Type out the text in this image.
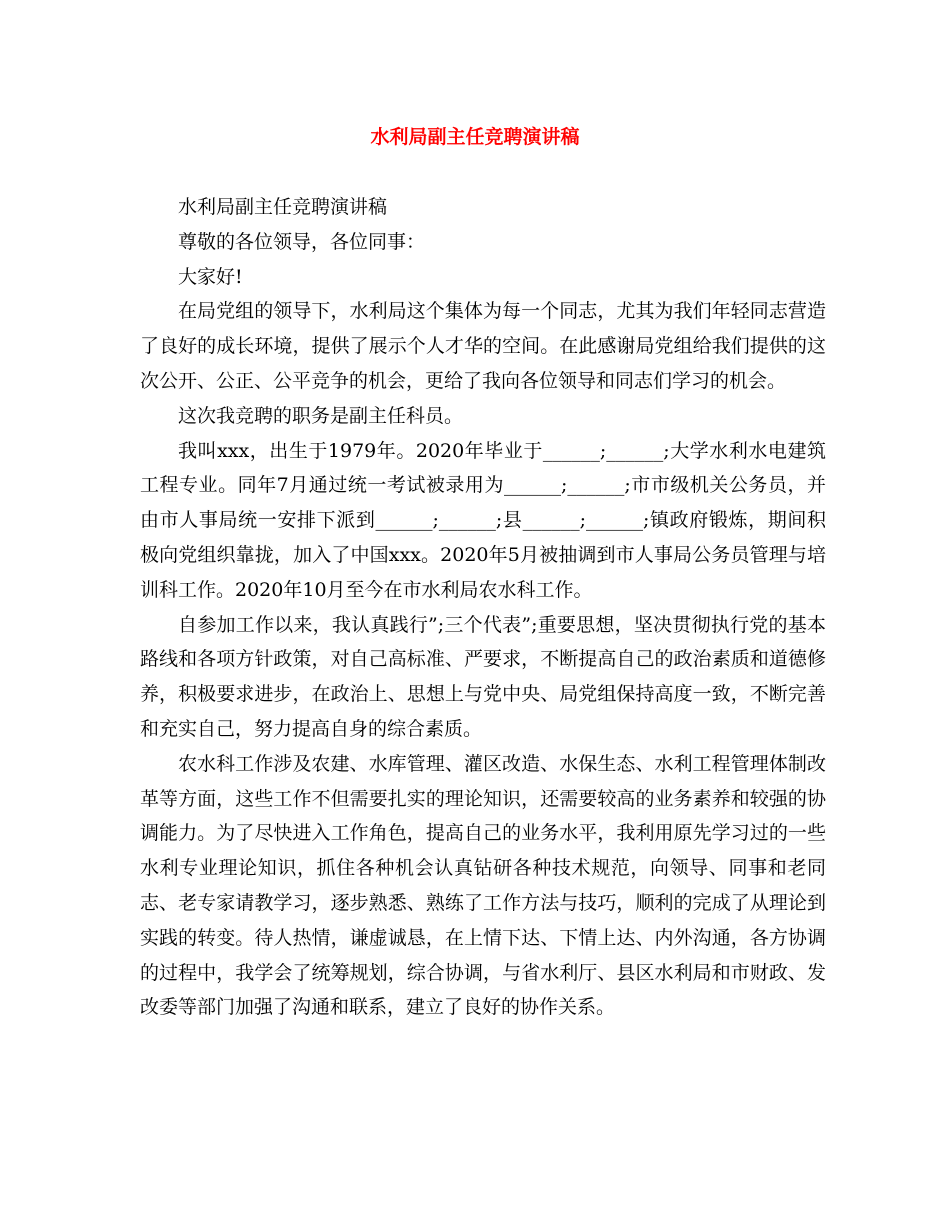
水利局副主任竞聘演讲稿

水利局副主任竞聘演讲稿

尊敬的各位领导，各位同事：

大家好!

在局党组的领导下，水利局这个集体为每一个同志，尤其为我们年轻同志营造了良好的成长环境，提供了展示个人才华的空间。在此感谢局党组给我们提供的这次公开、公正、公平竞争的机会，更给了我向各位领导和同志们学习的机会。

这次我竞聘的职务是副主任科员。

我叫xxx，出生于1979年。2020年毕业于______;______;大学水利水电建筑工程专业。同年7月通过统一考试被录用为______;______;市市级机关公务员，并由市人事局统一安排下派到______;______;县______;______;镇政府锻炼，期间积极向党组织靠拢，加入了中国xxx。2020年5月被抽调到市人事局公务员管理与培训科工作。2020年10月至今在市水利局农水科工作。

自参加工作以来，我认真践行”;三个代表”;重要思想，坚决贯彻执行党的基本路线和各项方针政策，对自己高标准、严要求，不断提高自己的政治素质和道德修养，积极要求进步，在政治上、思想上与党中央、局党组保持高度一致，不断完善和充实自己，努力提高自身的综合素质。

农水科工作涉及农建、水库管理、灌区改造、水保生态、水利工程管理体制改革等方面，这些工作不但需要扎实的理论知识，还需要较高的业务素养和较强的协调能力。为了尽快进入工作角色，提高自己的业务水平，我利用原先学习过的一些水利专业理论知识，抓住各种机会认真钻研各种技术规范，向领导、同事和老同志、老专家请教学习，逐步熟悉、熟练了工作方法与技巧，顺利的完成了从理论到实践的转变。待人热情，谦虚诚恳，在上情下达、下情上达、内外沟通，各方协调的过程中，我学会了统筹规划，综合协调，与省水利厅、县区水利局和市财政、发改委等部门加强了沟通和联系，建立了良好的协作关系。
